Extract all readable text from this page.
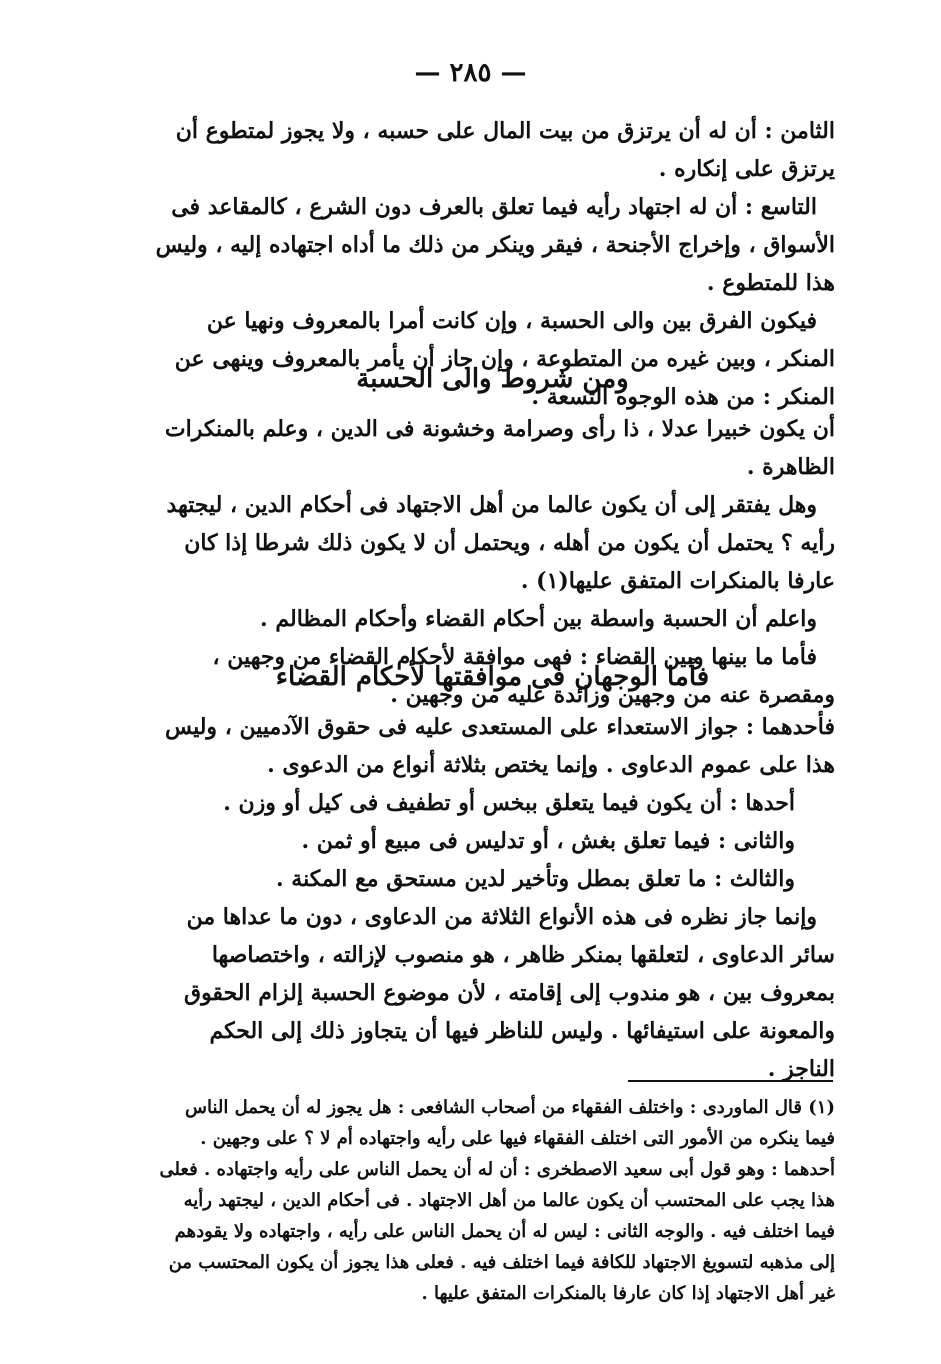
— ٢٨٥ —

الثامن : أن له أن يرتزق من بيت المال على حسبه ، ولا يجوز لمتطوع أن يرتزق على إنكاره .

التاسع : أن له اجتهاد رأيه فيما تعلق بالعرف دون الشرع ، كالمقاعد فى الأسواق ، وإخراج الأجنحة ، فيقر وينكر من ذلك ما أداه اجتهاده إليه ، وليس هذا للمتطوع .

فيكون الفرق بين والى الحسبة ، وإن كانت أمرا بالمعروف ونهيا عن المنكر ، وبين غيره من المتطوعة ، وإن جاز أن يأمر بالمعروف وينهى عن المنكر : من هذه الوجوه التسعة .

ومن شروط والى الحسبة

أن يكون خبيرا عدلا ، ذا رأى وصرامة وخشونة فى الدين ، وعلم بالمنكرات الظاهرة .

وهل يفتقر إلى أن يكون عالما من أهل الاجتهاد فى أحكام الدين ، ليجتهد رأيه ؟ يحتمل أن يكون من أهله ، ويحتمل أن لا يكون ذلك شرطا إذا كان عارفا بالمنكرات المتفق عليها(١) .

واعلم أن الحسبة واسطة بين أحكام القضاء وأحكام المظالم .

فأما ما بينها وبين القضاء : فهى موافقة لأحكام القضاء من وجهين ، ومقصرة عنه من وجهين وزائدة عليه من وجهين .

فأما الوجهان فى موافقتها لأحكام القضاء

فأحدهما : جواز الاستعداء على المستعدى عليه فى حقوق الآدميين ، وليس هذا على عموم الدعاوى . وإنما يختص بثلاثة أنواع من الدعوى .

أحدها : أن يكون فيما يتعلق ببخس أو تطفيف فى كيل أو وزن .

والثانى : فيما تعلق بغش ، أو تدليس فى مبيع أو ثمن .

والثالث : ما تعلق بمطل وتأخير لدين مستحق مع المكنة .

وإنما جاز نظره فى هذه الأنواع الثلاثة من الدعاوى ، دون ما عداها من سائر الدعاوى ، لتعلقها بمنكر ظاهر ، هو منصوب لإزالته ، واختصاصها بمعروف بين ، هو مندوب إلى إقامته ، لأن موضوع الحسبة إلزام الحقوق والمعونة على استيفائها . وليس للناظر فيها أن يتجاوز ذلك إلى الحكم الناجز .

(١) قال الماوردى : واختلف الفقهاء من أصحاب الشافعى : هل يجوز له أن يحمل الناس فيما ينكره من الأمور التى اختلف الفقهاء فيها على رأيه واجتهاده أم لا ؟ على وجهين . أحدهما : وهو قول أبى سعيد الاصطخرى : أن له أن يحمل الناس على رأيه واجتهاده . فعلى هذا يجب على المحتسب أن يكون عالما من أهل الاجتهاد . فى أحكام الدين ، ليجتهد رأيه فيما اختلف فيه . والوجه الثانى : ليس له أن يحمل الناس على رأيه ، واجتهاده ولا يقودهم إلى مذهبه لتسويغ الاجتهاد للكافة فيما اختلف فيه . فعلى هذا يجوز أن يكون المحتسب من غير أهل الاجتهاد إذا كان عارفا بالمنكرات المتفق عليها .
